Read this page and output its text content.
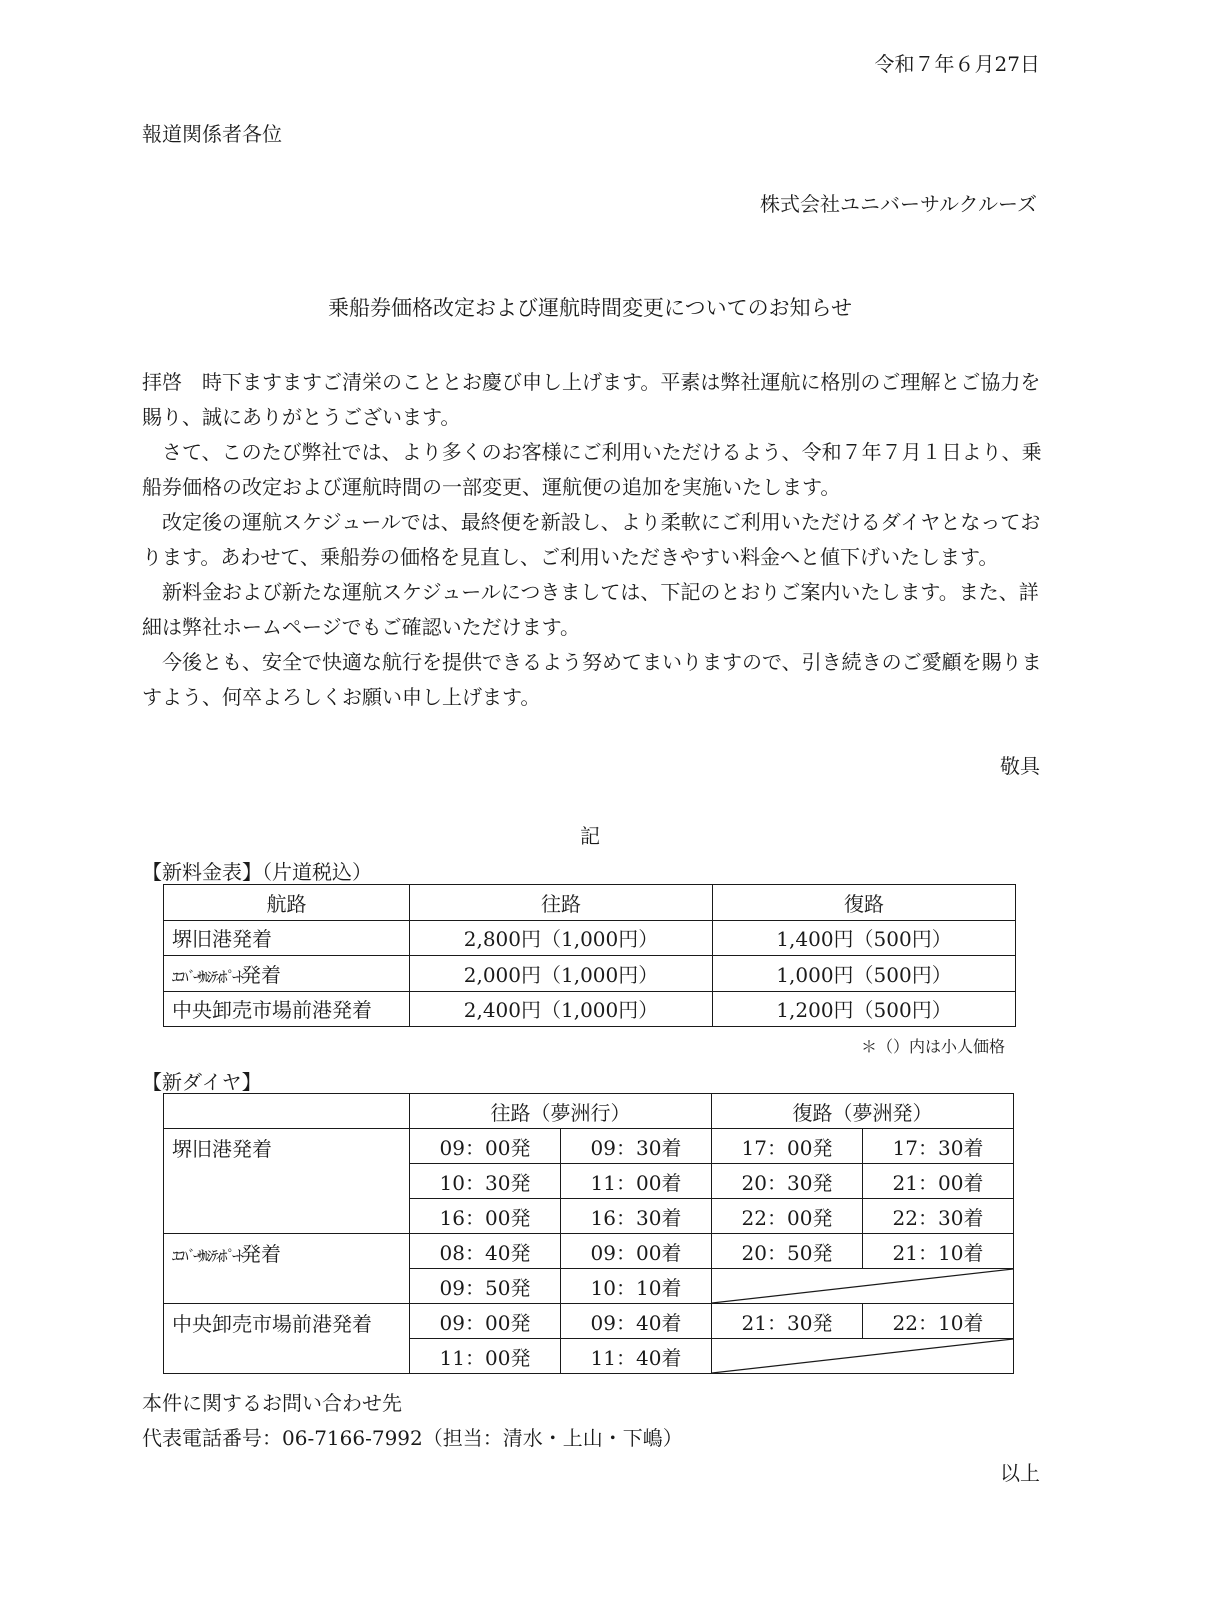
令和７年６月27日
報道関係者各位
株式会社ユニバーサルクルーズ
乗船券価格改定および運航時間変更についてのお知らせ

拝啓　時下ますますご清栄のこととお慶び申し上げます。平素は弊社運航に格別のご理解とご協力を賜り、誠にありがとうございます。

さて、このたび弊社では、より多くのお客様にご利用いただけるよう、令和７年７月１日より、乗船券価格の改定および運航時間の一部変更、運航便の追加を実施いたします。

改定後の運航スケジュールでは、最終便を新設し、より柔軟にご利用いただけるダイヤとなっております。あわせて、乗船券の価格を見直し、ご利用いただきやすい料金へと値下げいたします。

新料金および新たな運航スケジュールにつきましては、下記のとおりご案内いたします。また、詳細は弊社ホームページでもご確認いただけます。

今後とも、安全で快適な航行を提供できるよう努めてまいりますので、引き続きのご愛顧を賜りますよう、何卒よろしくお願い申し上げます。

敬具
記
【新料金表】（片道税込）
航路	往路	復路
堺旧港発着	2,800円（1,000円）	1,400円（500円）
ﾕﾆﾊﾞｰｻﾙｼﾃｨﾎﾟｰﾄ発着	2,000円（1,000円）	1,000円（500円）
中央卸売市場前港発着	2,400円（1,000円）	1,200円（500円）
＊（）内は小人価格
【新ダイヤ】
	往路（夢洲行）		復路（夢洲発）	
堺旧港発着	09：00発	09：30着	17：00発	17：30着
	10：30発	11：00着	20：30発	21：00着
	16：00発	16：30着	22：00発	22：30着
ﾕﾆﾊﾞｰｻﾙｼﾃｨﾎﾟｰﾄ発着	08：40発	09：00着	20：50発	21：10着
	09：50発	10：10着	

中央卸売市場前港発着	09：00発	09：40着	21：30発	22：10着
	11：00発	11：40着	
本件に関するお問い合わせ先
代表電話番号：06-7166-7992（担当：清水・上山・下嶋）
以上
